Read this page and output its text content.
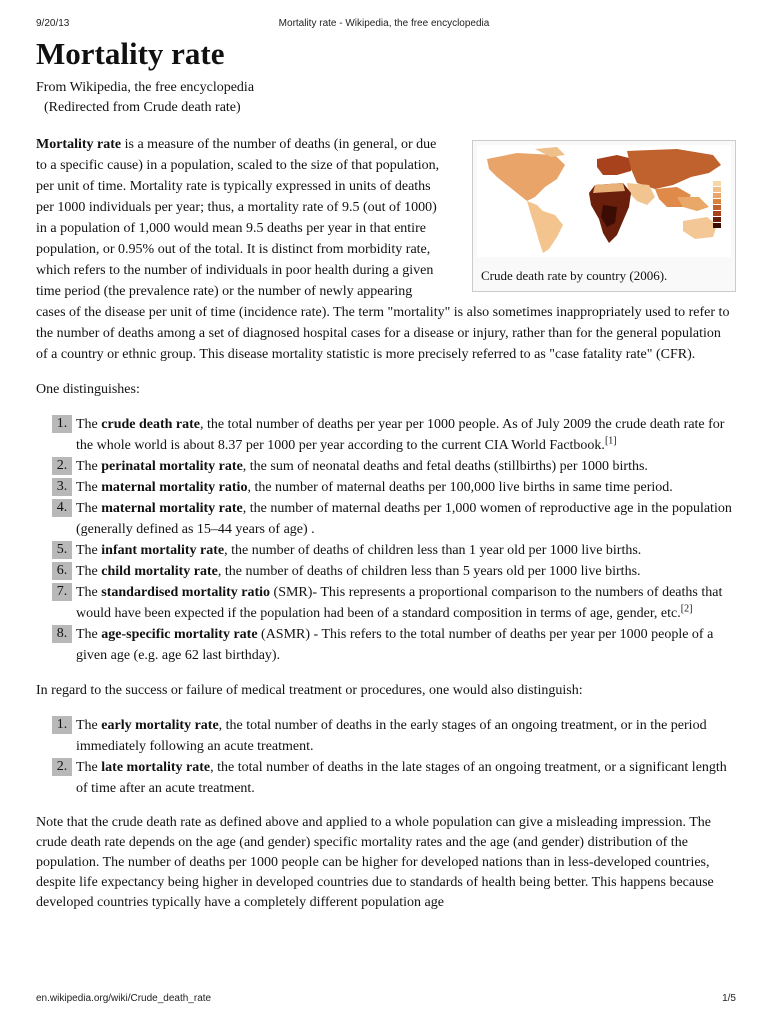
9/20/13	Mortality rate - Wikipedia, the free encyclopedia
Mortality rate
From Wikipedia, the free encyclopedia
(Redirected from Crude death rate)
Crude death rate by country (2006).

Mortality rate is a measure of the number of deaths (in general, or due to a specific cause) in a population, scaled to the size of that population, per unit of time. Mortality rate is typically expressed in units of deaths per 1000 individuals per year; thus, a mortality rate of 9.5 (out of 1000) in a population of 1,000 would mean 9.5 deaths per year in that entire population, or 0.95% out of the total. It is distinct from morbidity rate, which refers to the number of individuals in poor health during a given time period (the prevalence rate) or the number of newly appearing cases of the disease per unit of time (incidence rate). The term "mortality" is also sometimes inappropriately used to refer to the number of deaths among a set of diagnosed hospital cases for a disease or injury, rather than for the general population of a country or ethnic group. This disease mortality statistic is more precisely referred to as "case fatality rate" (CFR).

One distinguishes:

1. The crude death rate, the total number of deaths per year per 1000 people. As of July 2009 the crude death rate for the whole world is about 8.37 per 1000 per year according to the current CIA World Factbook.[1]
2. The perinatal mortality rate, the sum of neonatal deaths and fetal deaths (stillbirths) per 1000 births.
3. The maternal mortality ratio, the number of maternal deaths per 100,000 live births in same time period.
4. The maternal mortality rate, the number of maternal deaths per 1,000 women of reproductive age in the population (generally defined as 15–44 years of age) .
5. The infant mortality rate, the number of deaths of children less than 1 year old per 1000 live births.
6. The child mortality rate, the number of deaths of children less than 5 years old per 1000 live births.
7. The standardised mortality ratio (SMR)- This represents a proportional comparison to the numbers of deaths that would have been expected if the population had been of a standard composition in terms of age, gender, etc.[2]
8. The age-specific mortality rate (ASMR) - This refers to the total number of deaths per year per 1000 people of a given age (e.g. age 62 last birthday).

In regard to the success or failure of medical treatment or procedures, one would also distinguish:

1. The early mortality rate, the total number of deaths in the early stages of an ongoing treatment, or in the period immediately following an acute treatment.
2. The late mortality rate, the total number of deaths in the late stages of an ongoing treatment, or a significant length of time after an acute treatment.

Note that the crude death rate as defined above and applied to a whole population can give a misleading impression. The crude death rate depends on the age (and gender) specific mortality rates and the age (and gender) distribution of the population. The number of deaths per 1000 people can be higher for developed nations than in less-developed countries, despite life expectancy being higher in developed countries due to standards of health being better. This happens because developed countries typically have a completely different population age

en.wikipedia.org/wiki/Crude_death_rate	1/5
